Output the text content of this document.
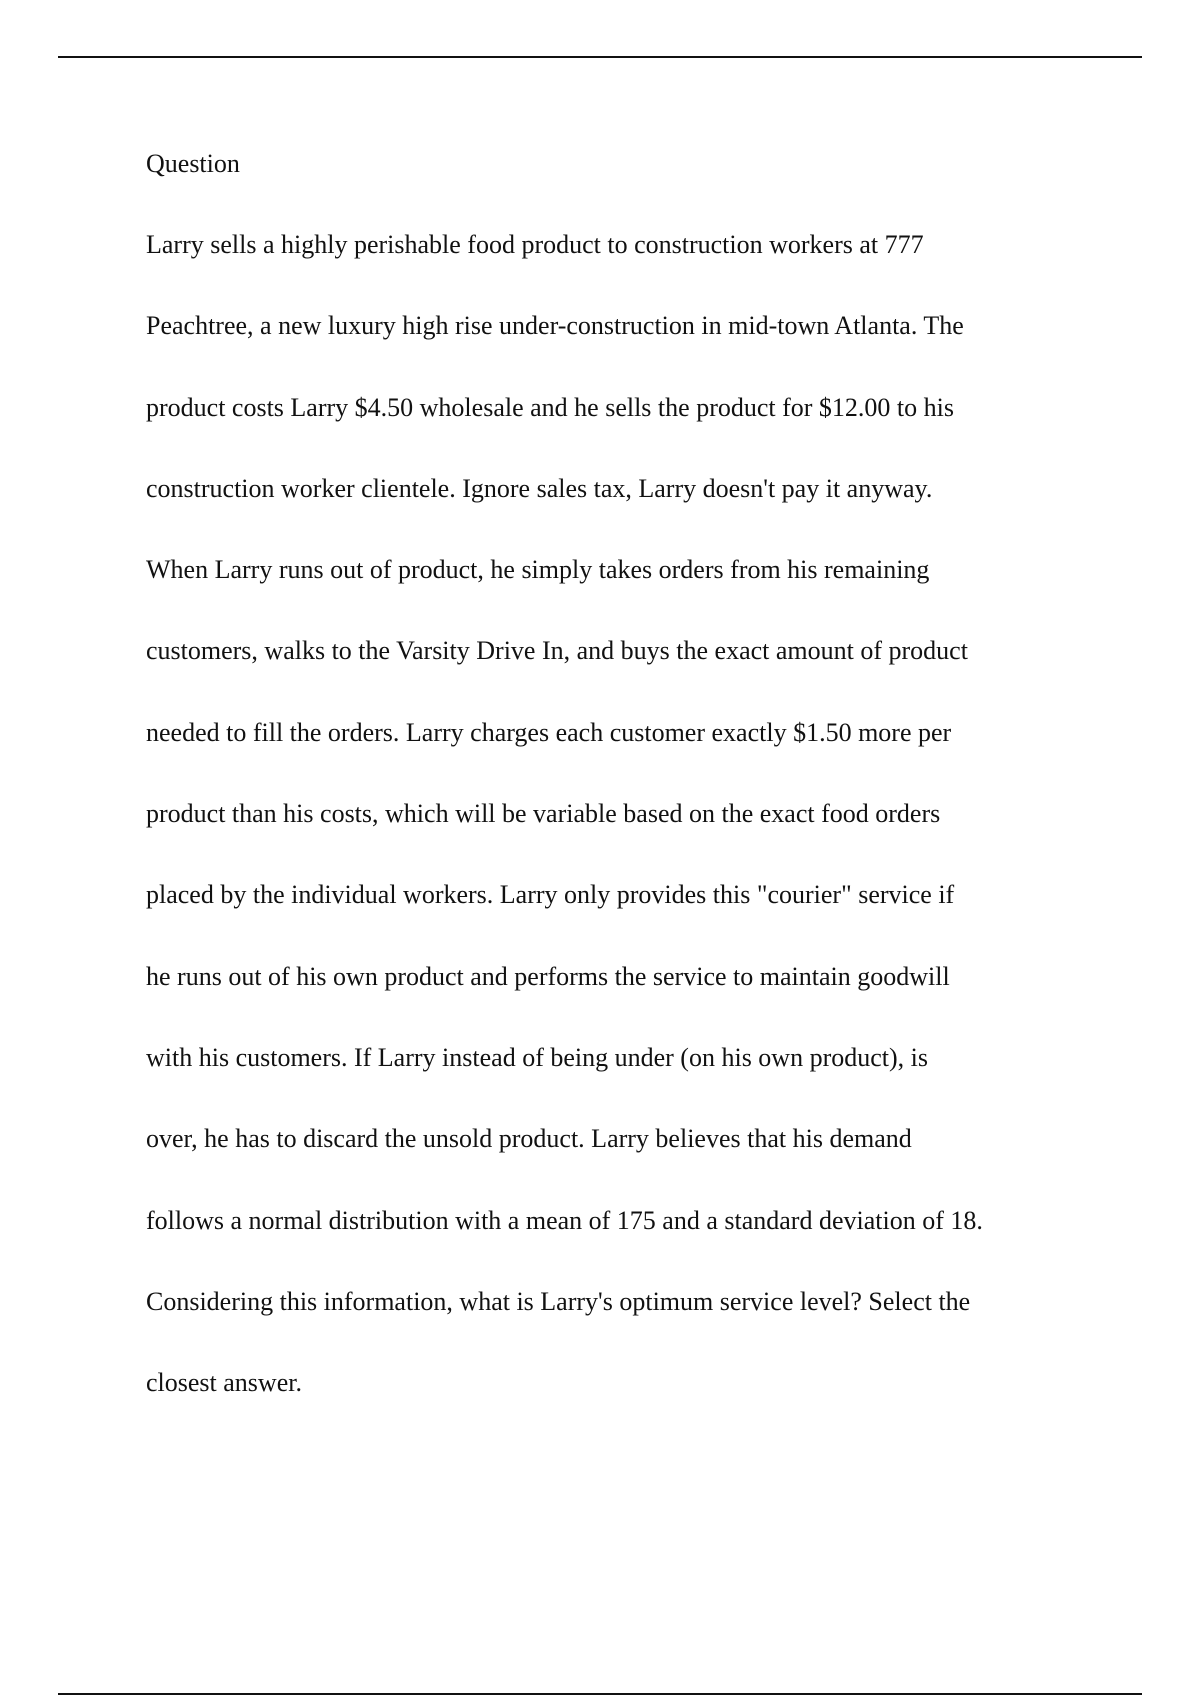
Question
Larry sells a highly perishable food product to construction workers at 777
Peachtree, a new luxury high rise under-construction in mid-town Atlanta. The
product costs Larry $4.50 wholesale and he sells the product for $12.00 to his
construction worker clientele. Ignore sales tax, Larry doesn't pay it anyway.
When Larry runs out of product, he simply takes orders from his remaining
customers, walks to the Varsity Drive In, and buys the exact amount of product
needed to fill the orders. Larry charges each customer exactly $1.50 more per
product than his costs, which will be variable based on the exact food orders
placed by the individual workers. Larry only provides this "courier" service if
he runs out of his own product and performs the service to maintain goodwill
with his customers. If Larry instead of being under (on his own product), is
over, he has to discard the unsold product. Larry believes that his demand
follows a normal distribution with a mean of 175 and a standard deviation of 18.
Considering this information, what is Larry's optimum service level? Select the
closest answer.
